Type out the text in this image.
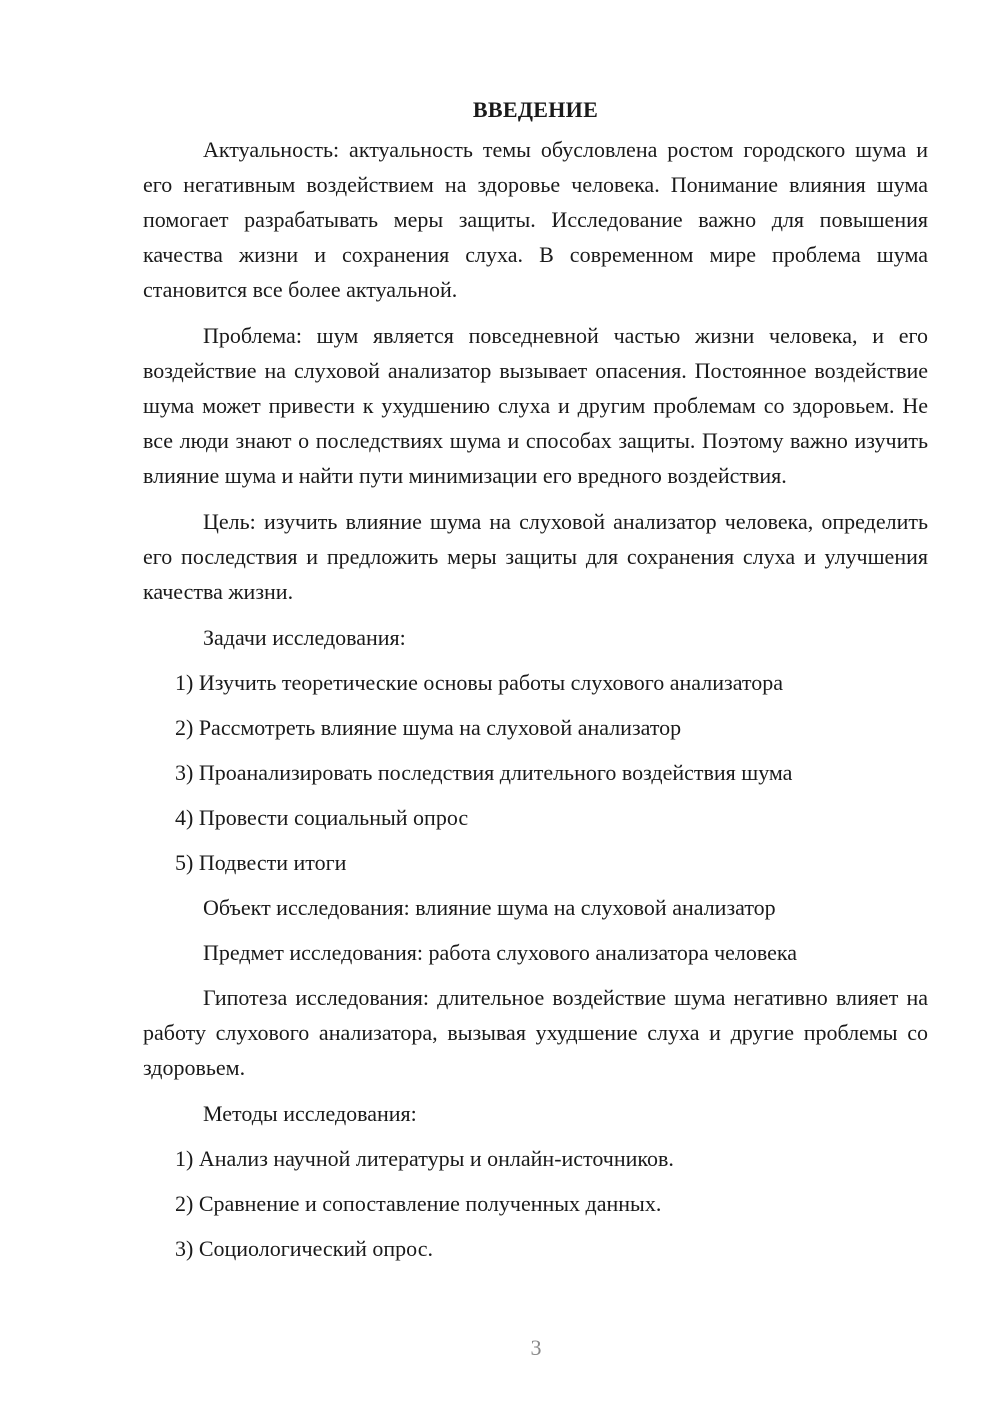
ВВЕДЕНИЕ

Актуальность: актуальность темы обусловлена ростом городского шума и его негативным воздействием на здоровье человека. Понимание влияния шума помогает разрабатывать меры защиты. Исследование важно для повышения качества жизни и сохранения слуха. В современном мире проблема шума становится все более актуальной.

Проблема: шум является повседневной частью жизни человека, и его воздействие на слуховой анализатор вызывает опасения. Постоянное воздействие шума может привести к ухудшению слуха и другим проблемам со здоровьем. Не все люди знают о последствиях шума и способах защиты. Поэтому важно изучить влияние шума и найти пути минимизации его вредного воздействия.

Цель: изучить влияние шума на слуховой анализатор человека, определить его последствия и предложить меры защиты для сохранения слуха и улучшения качества жизни.

Задачи исследования:

1) Изучить теоретические основы работы слухового анализатора
2) Рассмотреть влияние шума на слуховой анализатор
3) Проанализировать последствия длительного воздействия шума
4) Провести социальный опрос
5) Подвести итоги

Объект исследования: влияние шума на слуховой анализатор

Предмет исследования: работа слухового анализатора человека

Гипотеза исследования: длительное воздействие шума негативно влияет на работу слухового анализатора, вызывая ухудшение слуха и другие проблемы со здоровьем.

Методы исследования:

1) Анализ научной литературы и онлайн-источников.
2) Сравнение и сопоставление полученных данных.
3) Социологический опрос.
3
